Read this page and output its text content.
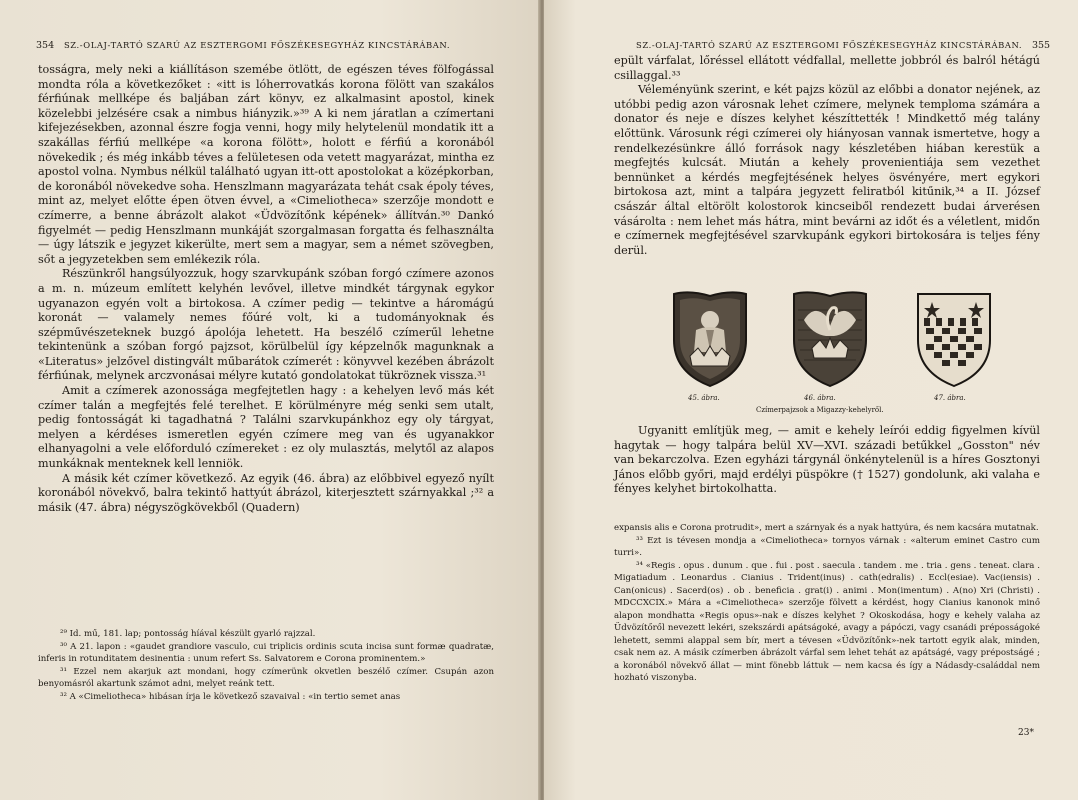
354 SZ.-OLAJ-TARTÓ SZARÚ AZ ESZTERGOMI FŐSZÉKESEGYHÁZ KINCSTÁRÁBAN.

tosságra, mely neki a kiállításon szemébe ötlött, de egészen téves fölfogással mondta róla a következőket : «itt is lóherrovatkás korona fölött van szakálos férfiúnak mellképe és baljában zárt könyv, ez alkalmasint apostol, kinek közelebbi jelzésére csak a nimbus hiányzik.»³⁹ A ki nem járatlan a czímertani kifejezésekben, azonnal észre fogja venni, hogy mily helytelenül mondatik itt a szakállas férfiú mellképe «a korona fölött», holott e férfiú a koronából növekedik ; és még inkább téves a felületesen oda vetett magyarázat, mintha ez apostol volna. Nymbus nélkül található ugyan itt-ott apostolokat a középkorban, de koronából növekedve soha. Henszlmann magyarázata tehát csak époly téves, mint az, melyet előtte épen ötven évvel, a «Cimeliotheca» szerzője mondott e czímerre, a benne ábrázolt alakot «Üdvözítőnk képének» állítván.³⁰ Dankó figyelmét — pedig Henszlmann munkáját szorgalmasan forgatta és felhasználta — úgy látszik e jegyzet kikerülte, mert sem a magyar, sem a német szövegben, sőt a jegyzetekben sem emlékezik róla.

Részünkről hangsúlyozzuk, hogy szarvkupánk szóban forgó czímere azonos a m. n. múzeum említett kelyhén levővel, illetve mindkét tárgynak egykor ugyanazon egyén volt a birtokosa. A czímer pedig — tekintve a háromágú koronát — valamely nemes főúré volt, ki a tudományoknak és szépművészeteknek buzgó ápolója lehetett. Ha beszélő czímerűl lehetne tekintenünk a szóban forgó pajzsot, körülbelül így képzelnők magunknak a «Literatus» jelzővel distingvált műbarátok czímerét : könyvvel kezében ábrázolt férfiúnak, melynek arczvonásai mélyre kutató gondolatokat tükröznek vissza.³¹

Amit a czímerek azonossága megfejtetlen hagy : a kehelyen levő más két czímer talán a megfejtés felé terelhet. E körülményre még senki sem utalt, pedig fontosságát ki tagadhatná ? Találni szarvkupánkhoz egy oly tárgyat, melyen a kérdéses ismeretlen egyén czímere meg van és ugyanakkor elhanyagolni a vele előforduló czímereket : ez oly mulasztás, melytől az alapos munkáknak menteknek kell lenniök.

A másik két czímer következő. Az egyik (46. ábra) az előbbivel egyező nyílt koronából növekvő, balra tekintő hattyút ábrázol, kiterjesztett szárnyakkal ;³² a másik (47. ábra) négyszögkövekből (Quadern)

²⁹ Id. mű, 181. lap; pontosság híával készült gyarló rajzzal.

³⁰ A 21. lapon : «gaudet grandiore vasculo, cui triplicis ordinis scuta incisa sunt formæ quadratæ, inferis in rotunditatem desinentia : unum refert Ss. Salvatorem e Corona prominentem.»

³¹ Ezzel nem akarjuk azt mondani, hogy czímerünk okvetlen beszélő czímer. Csupán azon benyomásról akartunk számot adni, melyet reánk tett.

³² A «Cimeliotheca» hibásan írja le következő szavaival : «in tertio semet anas

SZ.-OLAJ-TARTÓ SZARÚ AZ ESZTERGOMI FŐSZÉKESEGYHÁZ KINCSTÁRÁBAN. 355

epült várfalat, lőréssel ellátott védfallal, mellette jobbról és balról hétágú csillaggal.³³

Véleményünk szerint, e két pajzs közül az előbbi a donator nejének, az utóbbi pedig azon városnak lehet czímere, melynek temploma számára a donator és neje e díszes kelyhet készíttették ! Mindkettő még talány előttünk. Városunk régi czímerei oly hiányosan vannak ismertetve, hogy a rendelkezésünkre álló források nagy készletében hiában kerestük a megfejtés kulcsát. Miután a kehely provenientiája sem vezethet bennünket a kérdés megfejtésének helyes ösvényére, mert egykori birtokosa azt, mint a talpára jegyzett feliratból kitűnik,³⁴ a II. József császár által eltörölt kolostorok kincseiből rendezett budai árverésen vásárolta : nem lehet más hátra, mint bevárni az időt és a véletlent, midőn e czímernek megfejtésével szarvkupánk egykori birtokosára is teljes fény derül.

45. ábra.	46. ábra.	47. ábra.
Czímerpajzsok a Migazzy-kehelyről.

Ugyanitt említjük meg, — amit e kehely leírói eddig figyelmen kívül hagytak — hogy talpára belül XV—XVI. századi betűkkel „Gosston" név van bekarczolva. Ezen egyházi tárgynál önkénytelenül is a híres Gosztonyi János előbb győri, majd erdélyi püspökre († 1527) gondolunk, aki valaha e fényes kelyhet birtokolhatta.

expansis alis e Corona protrudit», mert a szárnyak és a nyak hattyúra, és nem kacsára mutatnak.

³³ Ezt is tévesen mondja a «Cimeliotheca» tornyos várnak : «alterum eminet Castro cum turri».

³⁴ «Regis . opus . dunum . que . fui . post . saecula . tandem . me . tria . gens . teneat. clara . Migatiadum . Leonardus . Cianius . Trident(inus) . cath(edralis) . Eccl(esiae). Vac(iensis) . Can(onicus) . Sacerd(os) . ob . beneficia . grat(i) . animi . Mon(imentum) . A(no) Xri (Christi) . MDCCXCIX.» Mára a «Cimeliotheca» szerzője fölvett a kérdést, hogy Cianius kanonok minő alapon mondhatta «Regis opus»-nak e díszes kelyhet ? Okoskodása, hogy e kehely valaha az Üdvözítőről nevezett lekéri, szekszárdi apátságoké, avagy a pápóczi, vagy csanádi préposságoké lehetett, semmi alappal sem bír, mert a tévesen «Üdvözítőnk»-nek tartott egyik alak, minden, csak nem az. A másik czímerben ábrázolt várfal sem lehet tehát az apátságé, vagy prépostságé ; a koronából növekvő állat — mint fönebb láttuk — nem kacsa és így a Nádasdy-családdal nem hozható viszonyba.

23*
